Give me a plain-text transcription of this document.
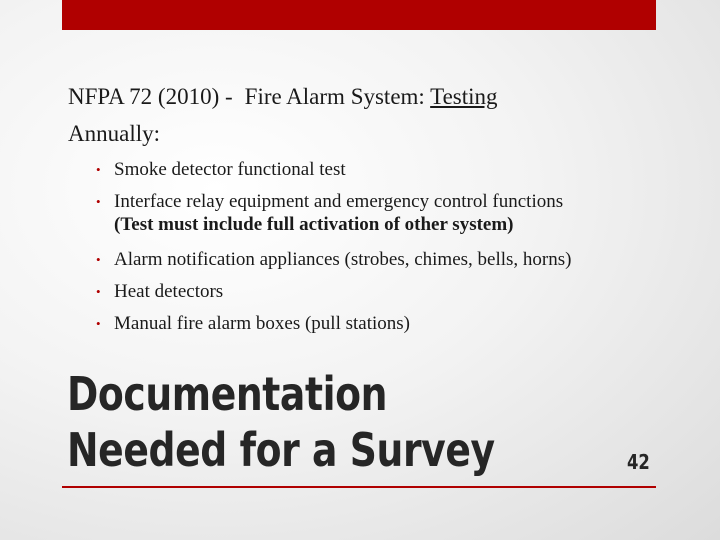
NFPA 72 (2010) - Fire Alarm System: Testing
Annually:
• Smoke detector functional test
• Interface relay equipment and emergency control functions
(Test must include full activation of other system)
• Alarm notification appliances (strobes, chimes, bells, horns)
• Heat detectors
• Manual fire alarm boxes (pull stations)
Documentation
Needed for a Survey	42
